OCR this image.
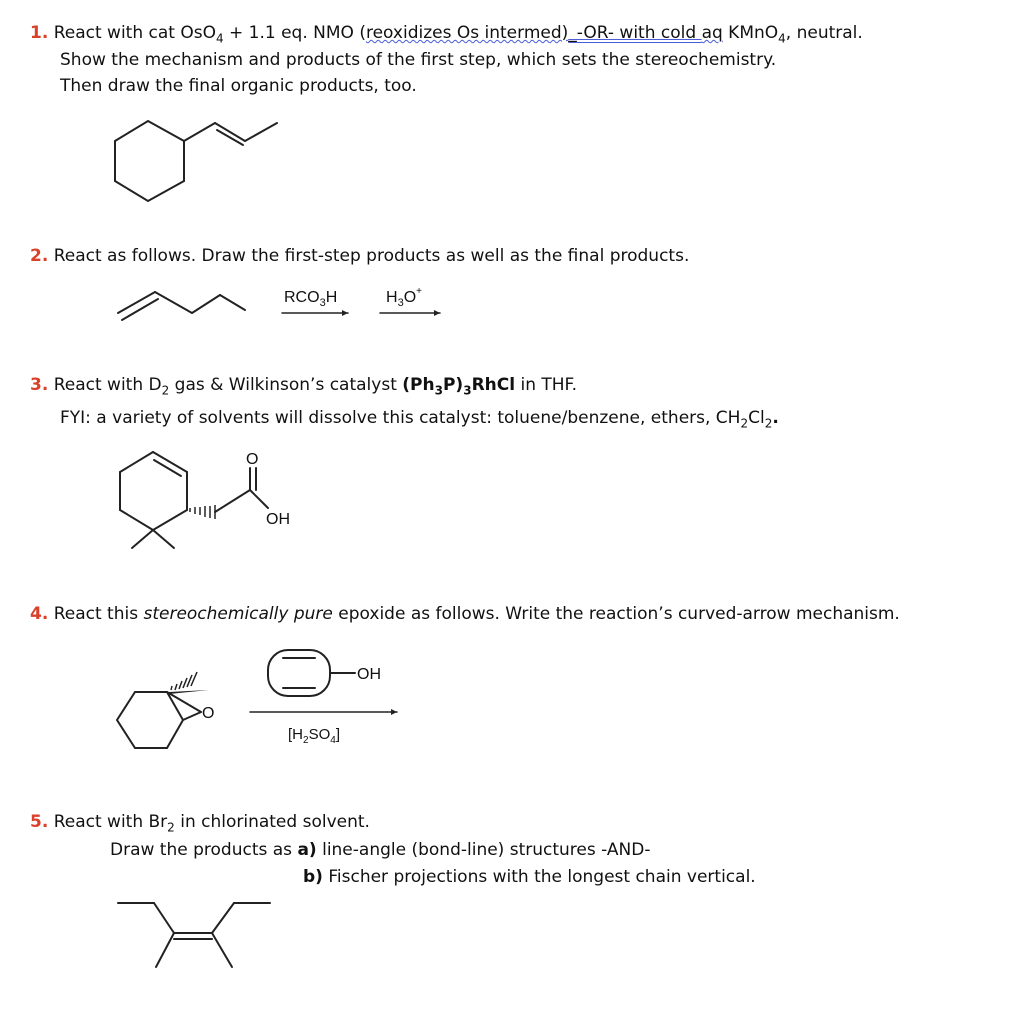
1. React with cat OsO$_4$ + 1.1 eq. NMO (reoxidizes Os intermed)_-OR- with cold aq KMnO$_4$, neutral.
Show the mechanism and products of the first step, which sets the stereochemistry.
Then draw the final organic products, too.
2. React as follows. Draw the first-step products as well as the final products.
$RCO_3H$	$H_3O^+$
3. React with $D_2$ gas & Wilkinson’s catalyst $(Ph_3P)_3RhCl$ in THF.
FYI: a variety of solvents will dissolve this catalyst: toluene/benzene, ethers, $CH_2Cl_2$.
O
OH
4. React this stereochemically pure epoxide as follows. Write the reaction’s curved-arrow mechanism.
O
OH
$[H_2SO_4]$
5. React with $Br_2$ in chlorinated solvent.
Draw the products as a) line-angle (bond-line) structures -AND-
b) Fischer projections with the longest chain vertical.
